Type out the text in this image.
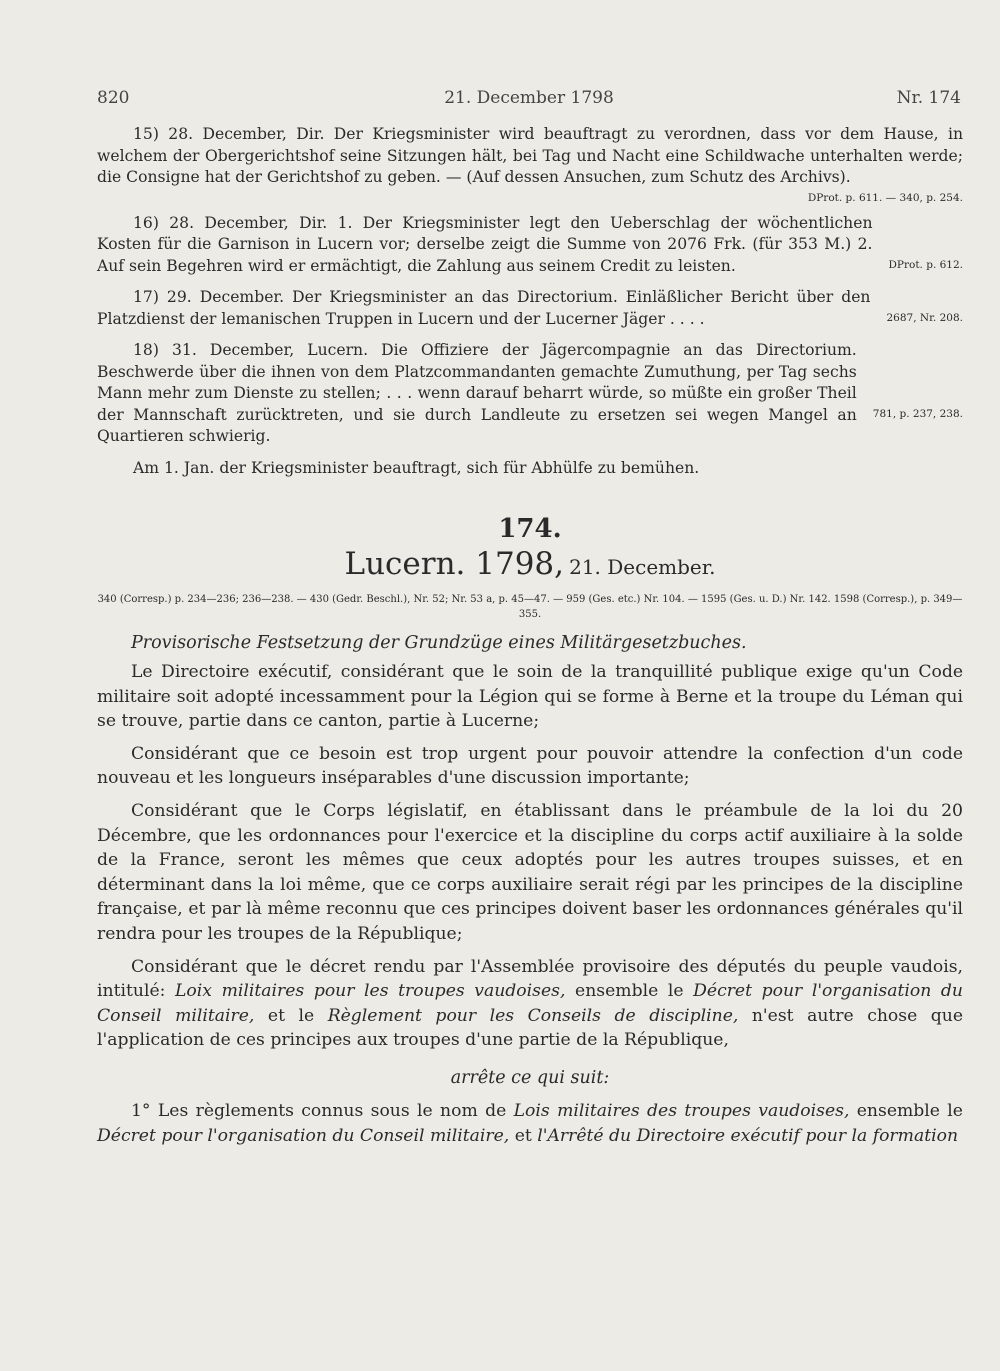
820	21. December 1798	Nr. 174

15) 28. December, Dir. Der Kriegsminister wird beauftragt zu verordnen, dass vor dem Hause, in welchem der Obergerichtshof seine Sitzungen hält, bei Tag und Nacht eine Schildwache unterhalten werde; die Consigne hat der Gerichtshof zu geben. — (Auf dessen Ansuchen, zum Schutz des Archivs).

DProt. p. 611. — 340, p. 254.

DProt. p. 612.
16) 28. December, Dir. 1. Der Kriegsminister legt den Ueberschlag der wöchentlichen Kosten für die Garnison in Lucern vor; derselbe zeigt die Summe von 2076 Frk. (für 353 M.) 2. Auf sein Begehren wird er ermächtigt, die Zahlung aus seinem Credit zu leisten.

2687, Nr. 208.
17) 29. December. Der Kriegsminister an das Directorium. Einläßlicher Bericht über den Platzdienst der lemanischen Truppen in Lucern und der Lucerner Jäger . . . .

781, p. 237, 238.
18) 31. December, Lucern. Die Offiziere der Jägercompagnie an das Directorium. Beschwerde über die ihnen von dem Platzcommandanten gemachte Zumuthung, per Tag sechs Mann mehr zum Dienste zu stellen; . . . wenn darauf beharrt würde, so müßte ein großer Theil der Mannschaft zurücktreten, und sie durch Landleute zu ersetzen sei wegen Mangel an Quartieren schwierig.

Am 1. Jan. der Kriegsminister beauftragt, sich für Abhülfe zu bemühen.

174.
Lucern. 1798, 21. December.
340 (Corresp.) p. 234—236; 236—238. — 430 (Gedr. Beschl.), Nr. 52; Nr. 53 a, p. 45—47. — 959 (Ges. etc.) Nr. 104. — 1595 (Ges. u. D.) Nr. 142. 1598 (Corresp.), p. 349—355.

Provisorische Festsetzung der Grundzüge eines Militärgesetzbuches.

Le Directoire exécutif, considérant que le soin de la tranquillité publique exige qu'un Code militaire soit adopté incessamment pour la Légion qui se forme à Berne et la troupe du Léman qui se trouve, partie dans ce canton, partie à Lucerne;

Considérant que ce besoin est trop urgent pour pouvoir attendre la confection d'un code nouveau et les longueurs inséparables d'une discussion importante;

Considérant que le Corps législatif, en établissant dans le préambule de la loi du 20 Décembre, que les ordonnances pour l'exercice et la discipline du corps actif auxiliaire à la solde de la France, seront les mêmes que ceux adoptés pour les autres troupes suisses, et en déterminant dans la loi même, que ce corps auxiliaire serait régi par les principes de la discipline française, et par là même reconnu que ces principes doivent baser les ordonnances générales qu'il rendra pour les troupes de la République;

Considérant que le décret rendu par l'Assemblée provisoire des députés du peuple vaudois, intitulé: Loix militaires pour les troupes vaudoises, ensemble le Décret pour l'organisation du Conseil militaire, et le Règlement pour les Conseils de discipline, n'est autre chose que l'application de ces principes aux troupes d'une partie de la République,

arrête ce qui suit:

1° Les règlements connus sous le nom de Lois militaires des troupes vaudoises, ensemble le Décret pour l'organisation du Conseil militaire, et l'Arrêté du Directoire exécutif pour la formation
